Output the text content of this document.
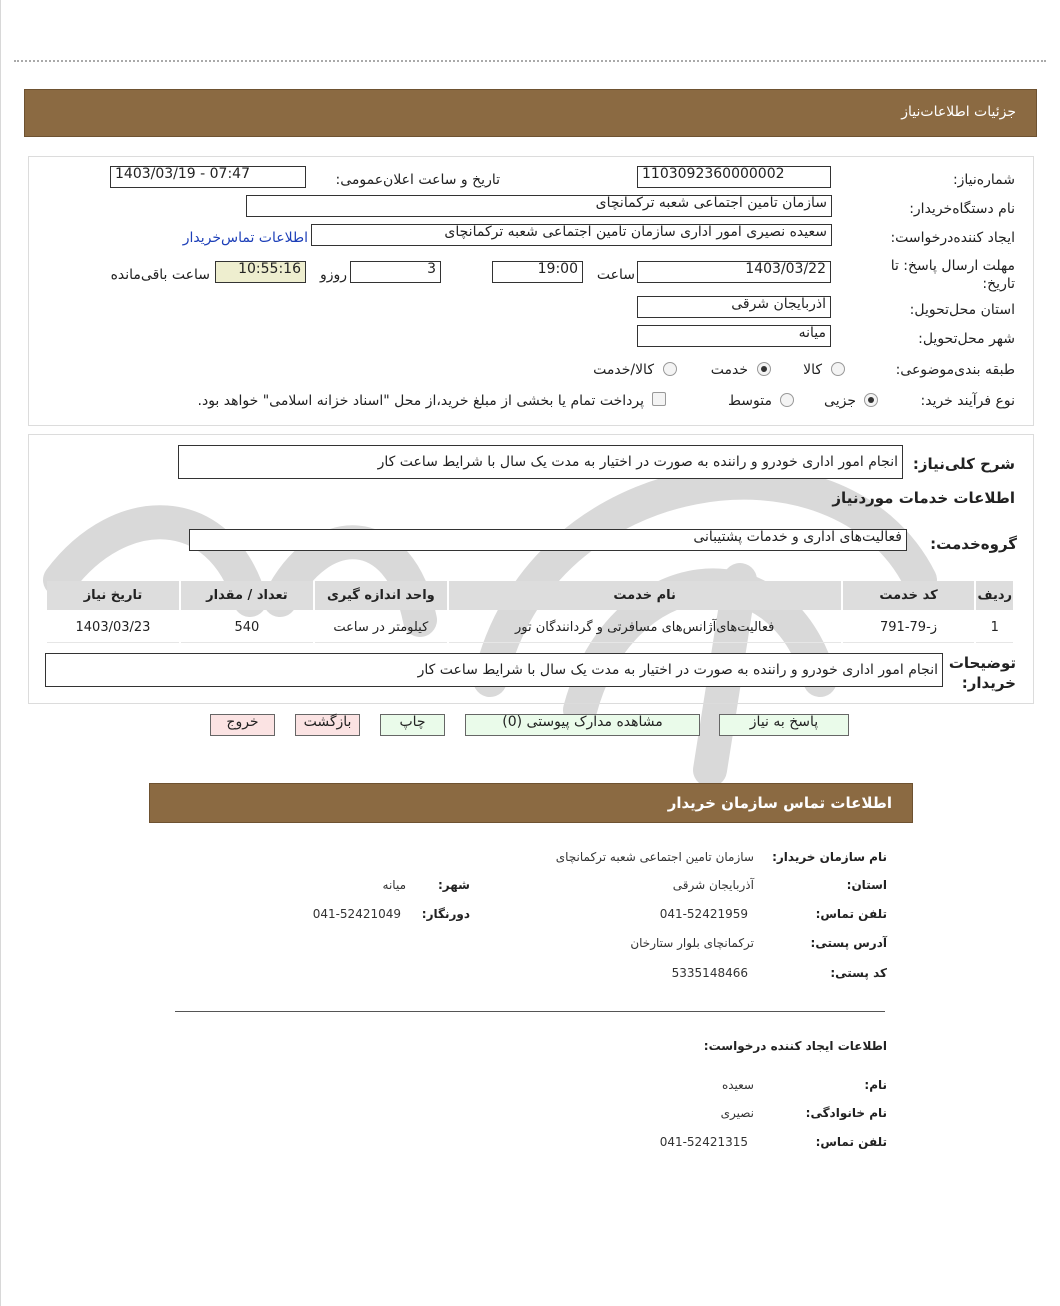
جزئیات اطلاعات‌نیاز
شماره‌نیاز:
1103092360000002
تاریخ و ساعت اعلان‌عمومی:
1403/03/19 - 07:47
نام دستگاه‌خریدار:
سازمان تامین اجتماعی شعبه ترکمانچای
ایجاد کننده‌درخواست:
سعیده نصیری امور اداری سازمان تامین اجتماعی شعبه ترکمانچای
اطلاعات تماس‌خریدار
مهلت ارسال پاسخ: تا تاریخ:
1403/03/22
ساعت
19:00
3
روزو
10:55:16
ساعت باقی‌مانده
استان محل‌تحویل:
آذربایجان شرقی
شهر محل‌تحویل:
میانه
طبقه بندی‌موضوعی:
کالا
خدمت
کالا/خدمت
نوع فرآیند خرید:
جزیی
متوسط
پرداخت تمام یا بخشی از مبلغ خرید،از محل "اسناد خزانه اسلامی" خواهد بود.
شرح کلی‌نیاز:
انجام امور اداری خودرو و راننده به صورت در اختیار به مدت یک سال با شرایط ساعت کار
اطلاعات خدمات موردنیاز
گروه‌خدمت:
فعالیت‌های اداری و خدمات پشتیبانی
ردیف	کد خدمت	نام خدمت	واحد اندازه گیری	تعداد / مقدار	تاریخ نیاز
1	ز-79-791	فعالیت‌های‌آژانس‌های مسافرتی و گردانندگان تور	کیلومتر در ساعت	540	1403/03/23
توضیحات خریدار:
انجام امور اداری خودرو و راننده به صورت در اختیار به مدت یک سال با شرایط ساعت کار
پاسخ به نیاز
مشاهده مدارک پیوستی (0)
چاپ
بازگشت
خروج
اطلاعات تماس سازمان خریدار
نام سازمان خریدار:
سازمان تامین اجتماعی شعبه ترکمانچای
استان:
آذربایجان شرقی
شهر:
میانه
تلفن تماس:
041-52421959
دورنگار:
041-52421049
آدرس پستی:
ترکمانچای بلوار ستارخان
کد پستی:
5335148466
اطلاعات ایجاد کننده درخواست:
نام:
سعیده
نام خانوادگی:
نصیری
تلفن تماس:
041-52421315
